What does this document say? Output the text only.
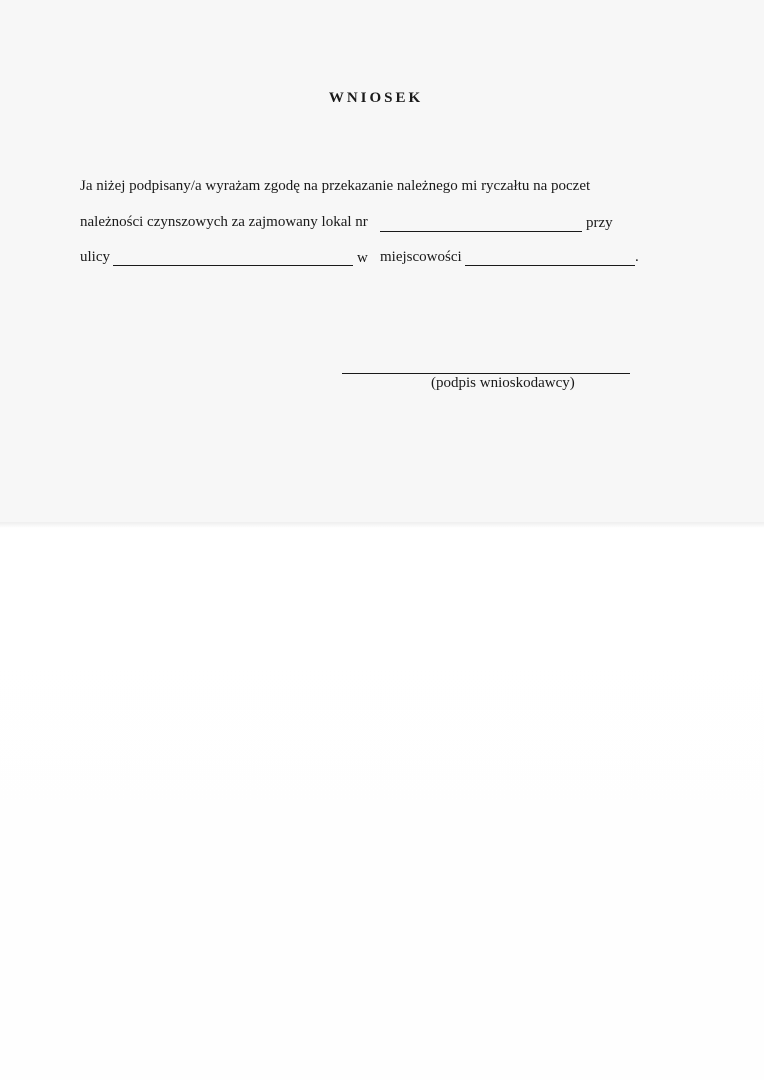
WNIOSEK
Ja niżej podpisany/a wyrażam zgodę na przekazanie należnego mi ryczałtu na poczet
należności czynszowych za zajmowany lokal nr	przy
ulicy	w miejscowości	.
(podpis wnioskodawcy)
